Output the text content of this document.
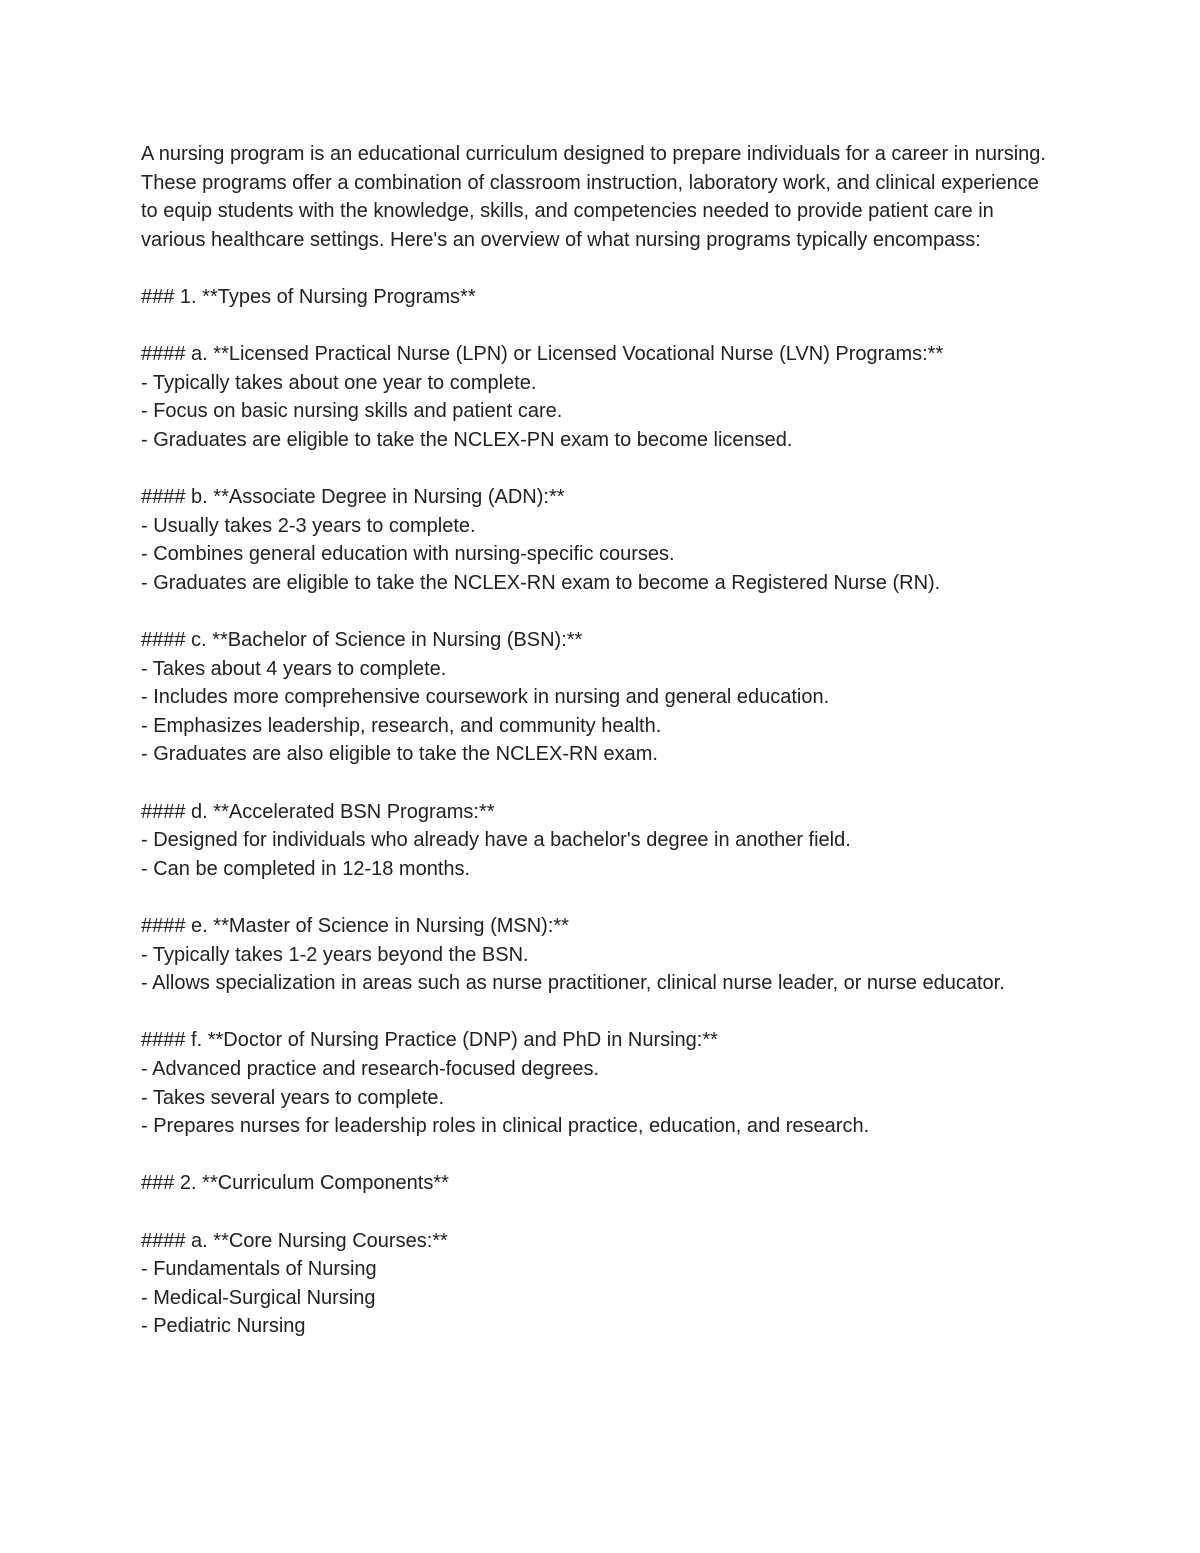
A nursing program is an educational curriculum designed to prepare individuals for a career in nursing. These programs offer a combination of classroom instruction, laboratory work, and clinical experience to equip students with the knowledge, skills, and competencies needed to provide patient care in various healthcare settings. Here's an overview of what nursing programs typically encompass:

### 1. **Types of Nursing Programs**

#### a. **Licensed Practical Nurse (LPN) or Licensed Vocational Nurse (LVN) Programs:**

- Typically takes about one year to complete.

- Focus on basic nursing skills and patient care.

- Graduates are eligible to take the NCLEX-PN exam to become licensed.

#### b. **Associate Degree in Nursing (ADN):**

- Usually takes 2-3 years to complete.

- Combines general education with nursing-specific courses.

- Graduates are eligible to take the NCLEX-RN exam to become a Registered Nurse (RN).

#### c. **Bachelor of Science in Nursing (BSN):**

- Takes about 4 years to complete.

- Includes more comprehensive coursework in nursing and general education.

- Emphasizes leadership, research, and community health.

- Graduates are also eligible to take the NCLEX-RN exam.

#### d. **Accelerated BSN Programs:**

- Designed for individuals who already have a bachelor's degree in another field.

- Can be completed in 12-18 months.

#### e. **Master of Science in Nursing (MSN):**

- Typically takes 1-2 years beyond the BSN.

- Allows specialization in areas such as nurse practitioner, clinical nurse leader, or nurse educator.

#### f. **Doctor of Nursing Practice (DNP) and PhD in Nursing:**

- Advanced practice and research-focused degrees.

- Takes several years to complete.

- Prepares nurses for leadership roles in clinical practice, education, and research.

### 2. **Curriculum Components**

#### a. **Core Nursing Courses:**

- Fundamentals of Nursing

- Medical-Surgical Nursing

- Pediatric Nursing
